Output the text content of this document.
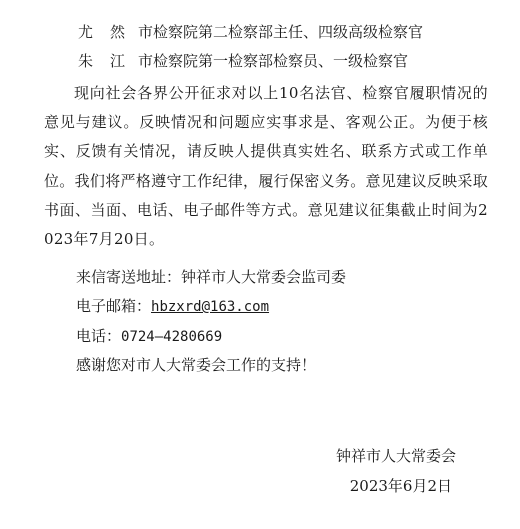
尤 然 市检察院第二检察部主任、四级高级检察官
朱 江 市检察院第一检察部检察员、一级检察官
现向社会各界公开征求对以上10名法官、检察官履职情况的意见与建议。反映情况和问题应实事求是、客观公正。为便于核实、反馈有关情况，请反映人提供真实姓名、联系方式或工作单位。我们将严格遵守工作纪律，履行保密义务。意见建议反映采取书面、当面、电话、电子邮件等方式。意见建议征集截止时间为2023年7月20日。
来信寄送地址：钟祥市人大常委会监司委
电子邮箱：hbzxrd@163.com
电话：0724—4280669
感谢您对市人大常委会工作的支持！
钟祥市人大常委会
2023年6月2日
